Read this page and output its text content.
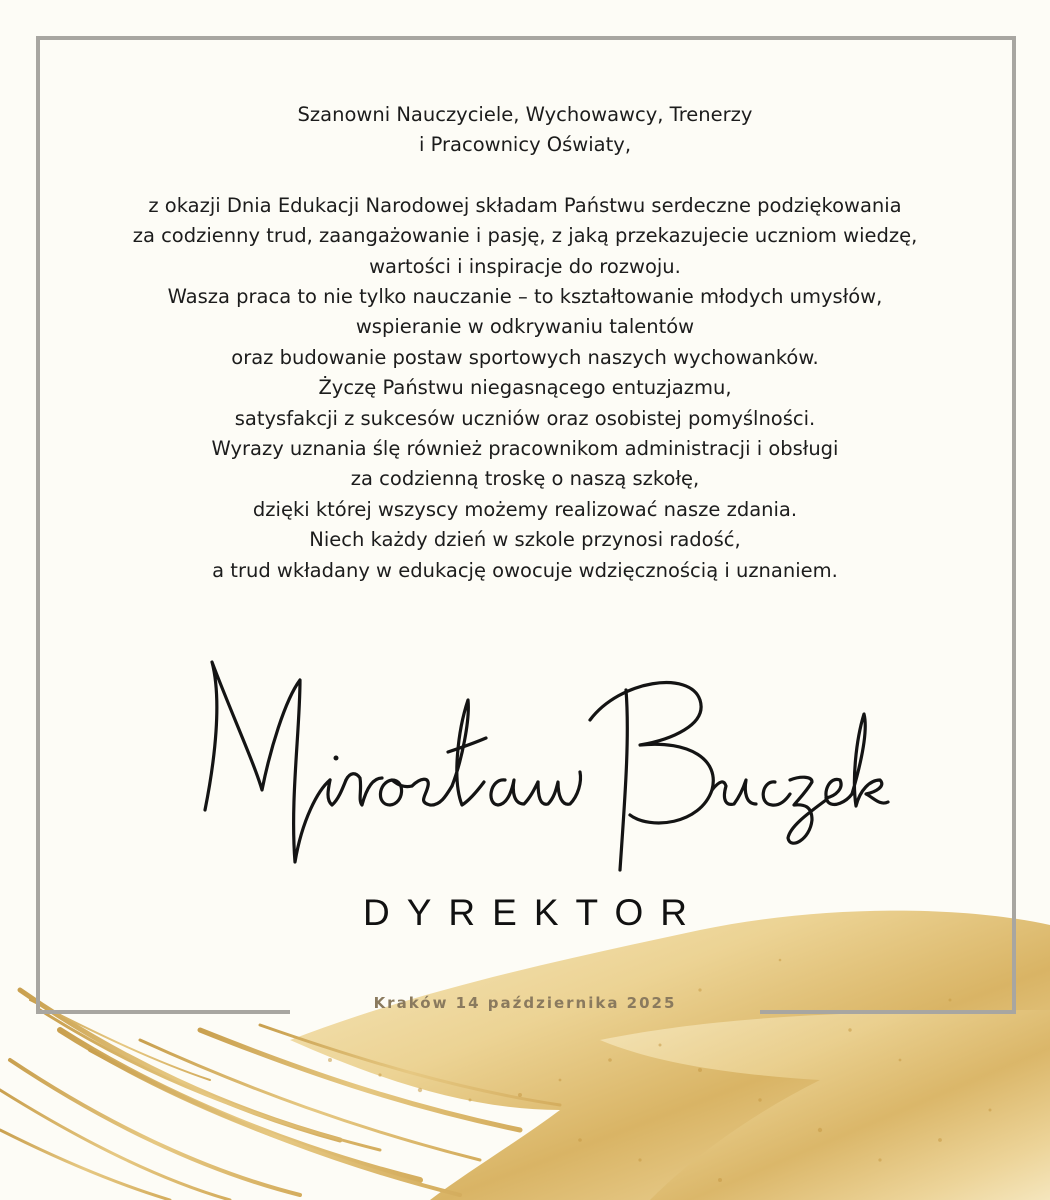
Szanowni Nauczyciele, Wychowawcy, Trenerzy
i Pracownicy Oświaty,
z okazji Dnia Edukacji Narodowej składam Państwu serdeczne podziękowania
za codzienny trud, zaangażowanie i pasję, z jaką przekazujecie uczniom wiedzę,
wartości i inspiracje do rozwoju.
Wasza praca to nie tylko nauczanie – to kształtowanie młodych umysłów,
wspieranie w odkrywaniu talentów
oraz budowanie postaw sportowych naszych wychowanków.
Życzę Państwu niegasnącego entuzjazmu,
satysfakcji z sukcesów uczniów oraz osobistej pomyślności.
Wyrazy uznania ślę również pracownikom administracji i obsługi
za codzienną troskę o naszą szkołę,
dzięki której wszyscy możemy realizować nasze zdania.
Niech każdy dzień w szkole przynosi radość,
a trud wkładany w edukację owocuje wdzięcznością i uznaniem.
DYREKTOR
Kraków 14 października 2025
